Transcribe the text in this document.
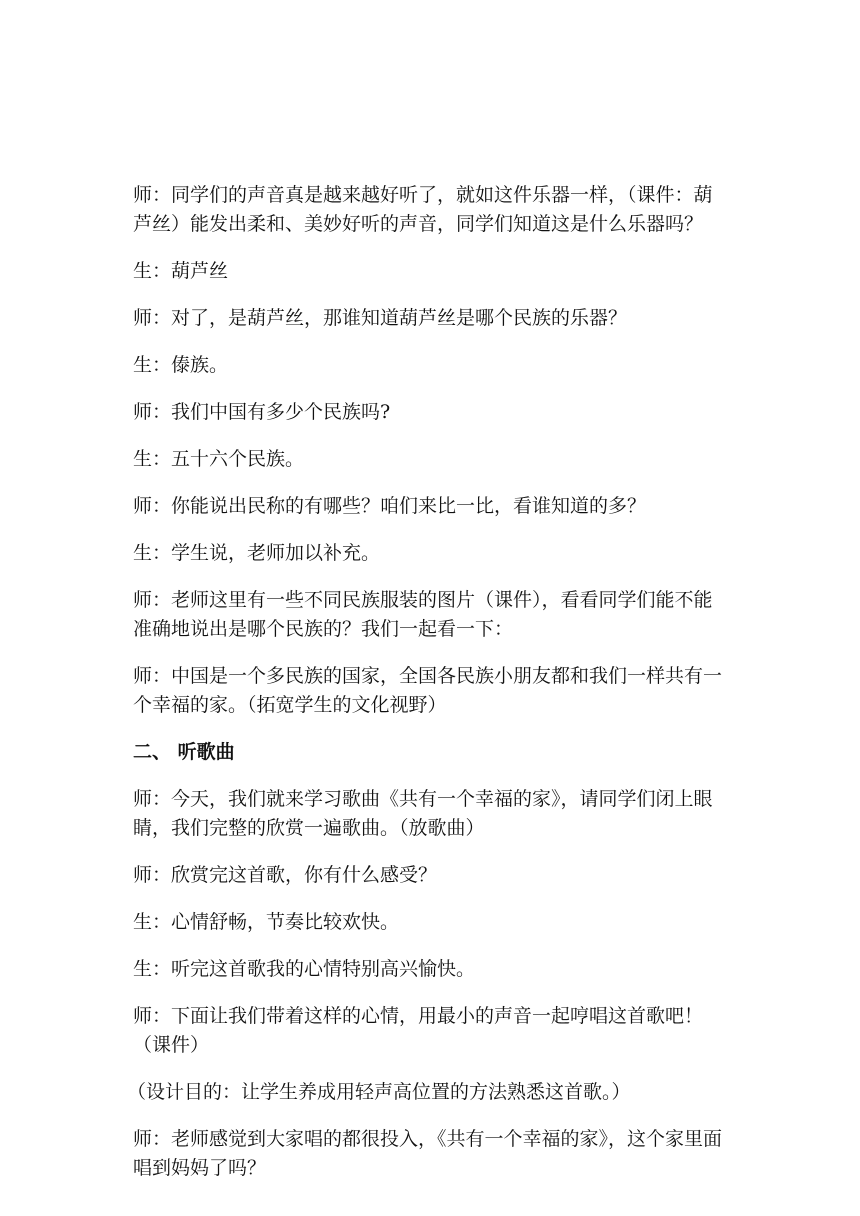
师：同学们的声音真是越来越好听了，就如这件乐器一样，（课件：葫芦丝）能发出柔和、美妙好听的声音，同学们知道这是什么乐器吗？

生：葫芦丝

师：对了，是葫芦丝，那谁知道葫芦丝是哪个民族的乐器？

生：傣族。

师：我们中国有多少个民族吗?

生：五十六个民族。

师：你能说出民称的有哪些？咱们来比一比，看谁知道的多？

生：学生说，老师加以补充。

师：老师这里有一些不同民族服装的图片（课件），看看同学们能不能准确地说出是哪个民族的？我们一起看一下：

师：中国是一个多民族的国家，全国各民族小朋友都和我们一样共有一个幸福的家。（拓宽学生的文化视野）

二、 听歌曲

师：今天，我们就来学习歌曲《共有一个幸福的家》，请同学们闭上眼睛，我们完整的欣赏一遍歌曲。（放歌曲）

师：欣赏完这首歌，你有什么感受？

生：心情舒畅，节奏比较欢快。

生：听完这首歌我的心情特别高兴愉快。

师：下面让我们带着这样的心情，用最小的声音一起哼唱这首歌吧！（课件）

（设计目的：让学生养成用轻声高位置的方法熟悉这首歌。）

师：老师感觉到大家唱的都很投入，《共有一个幸福的家》，这个家里面唱到妈妈了吗？
